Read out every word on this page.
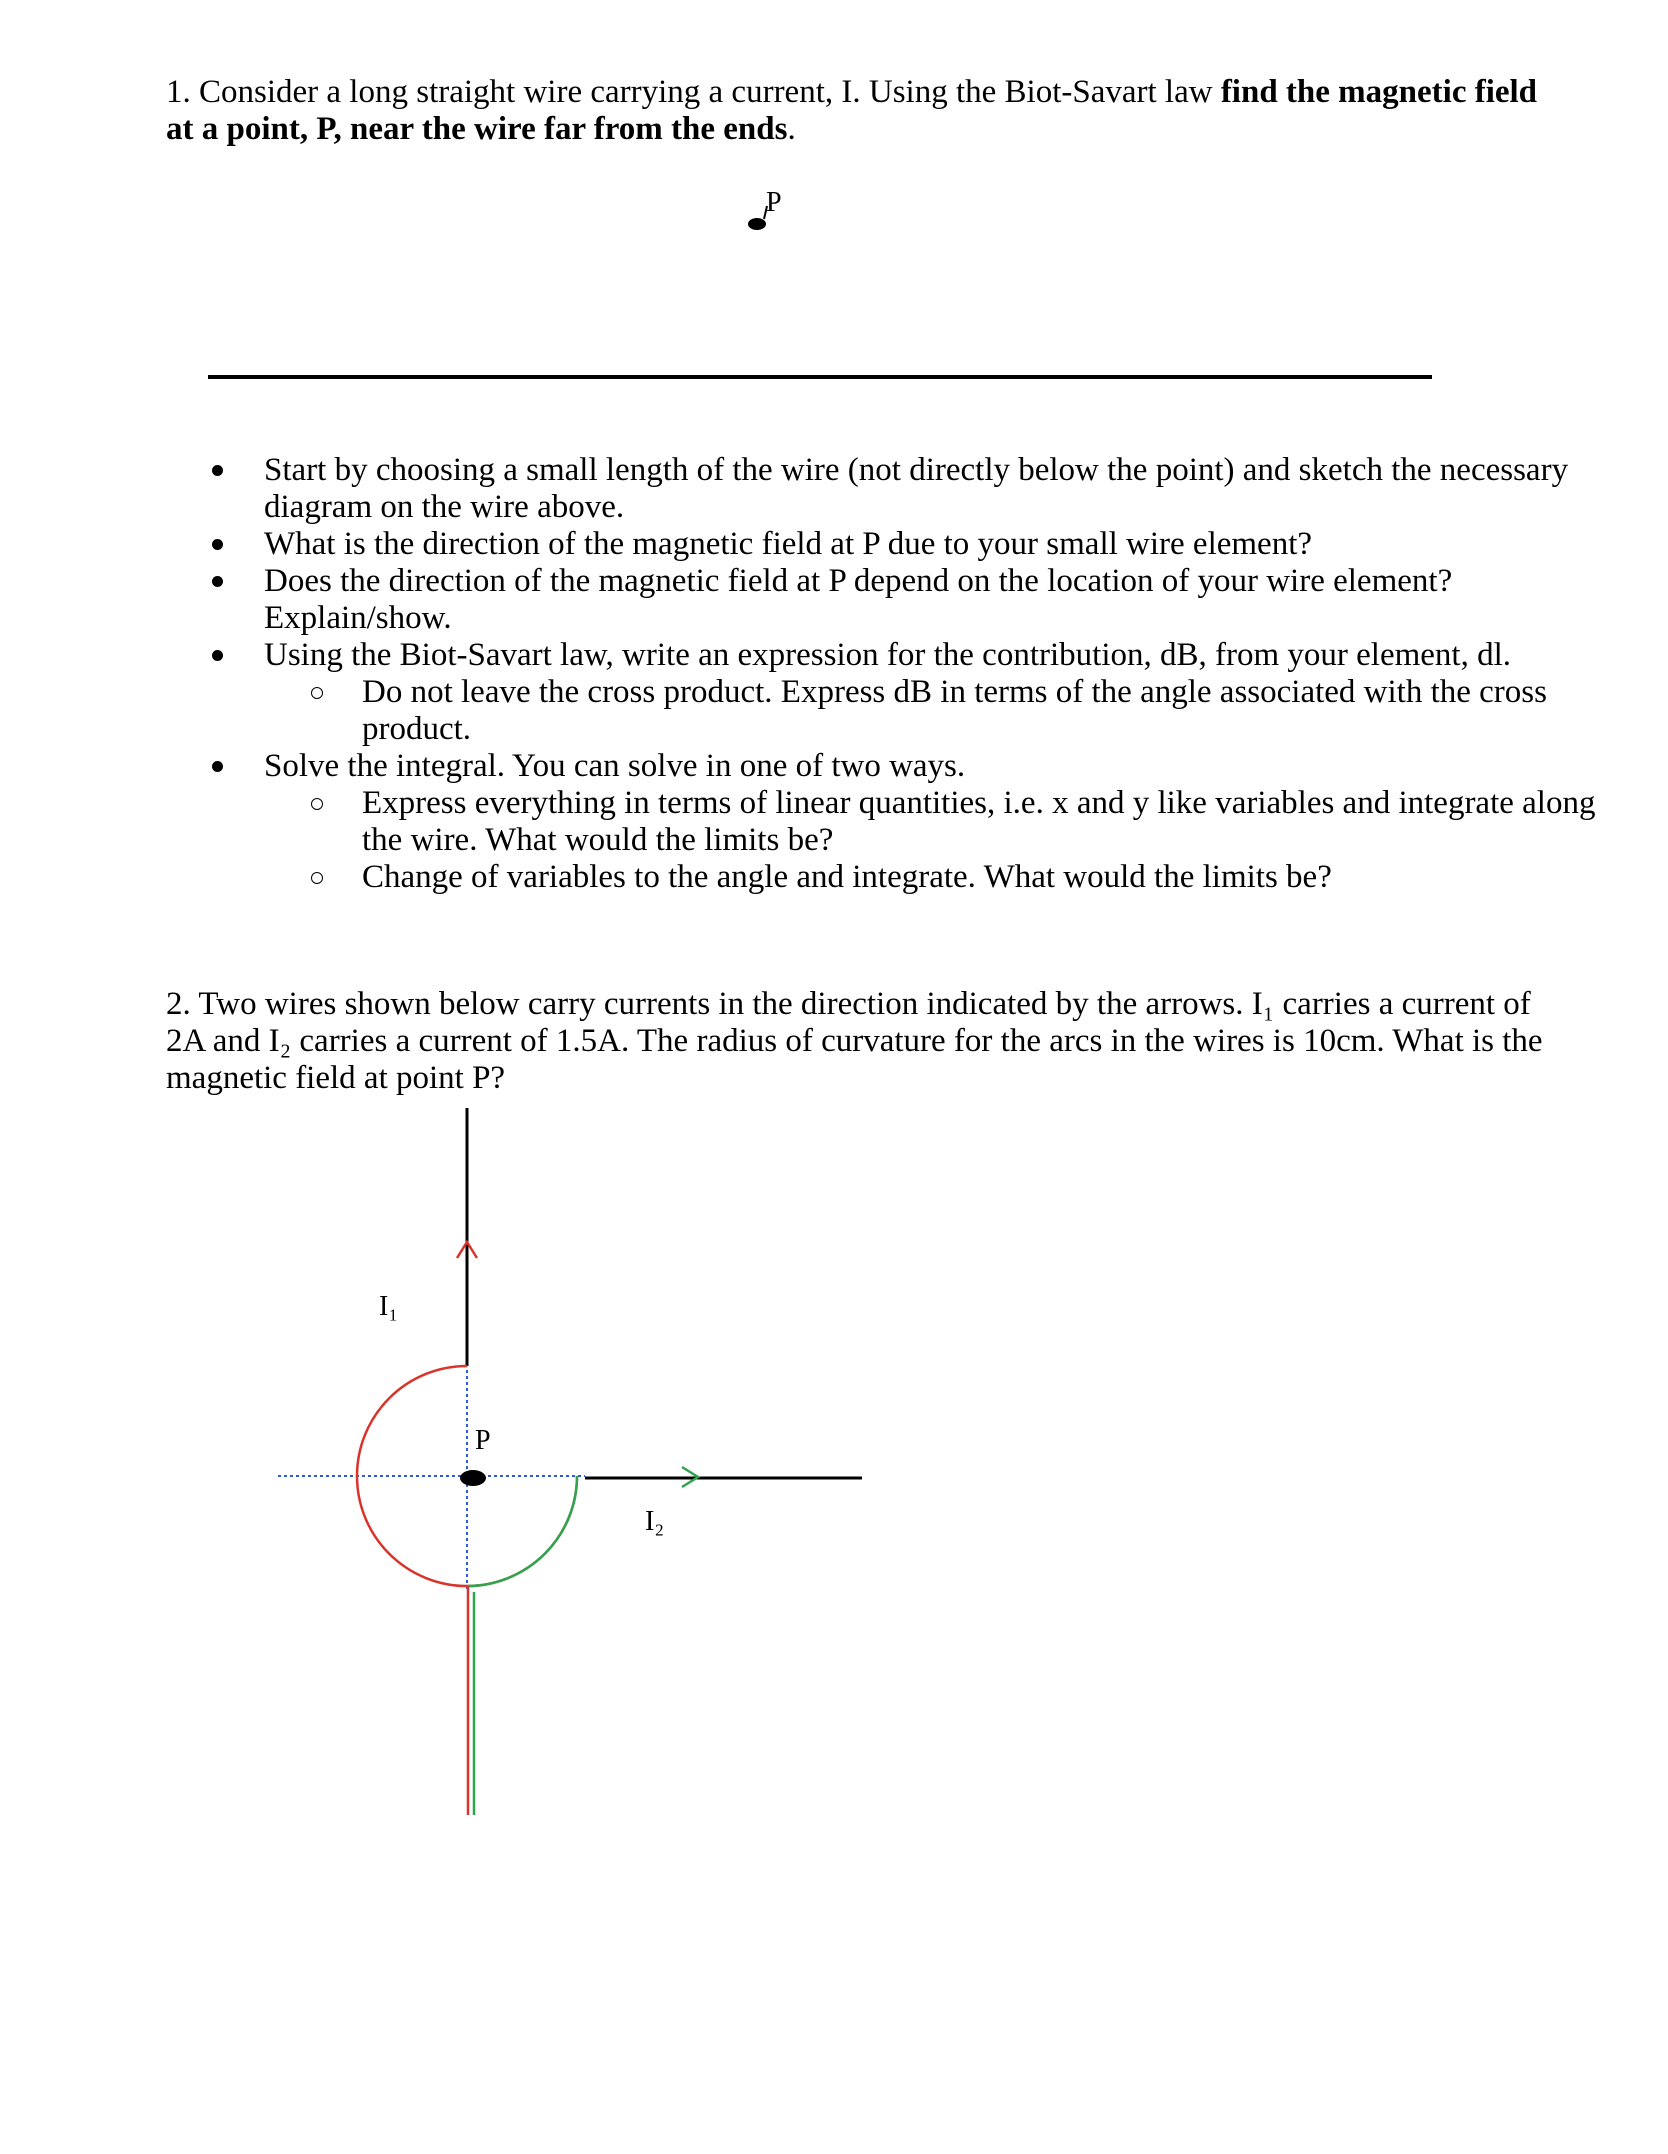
1. Consider a long straight wire carrying a current, I. Using the Biot-Savart law find the magnetic field at a point, P, near the wire far from the ends.

P
Start by choosing a small length of the wire (not directly below the point) and sketch the necessary diagram on the wire above.
What is the direction of the magnetic field at P due to your small wire element?
Does the direction of the magnetic field at P depend on the location of your wire element? Explain/show.
Using the Biot-Savart law, write an expression for the contribution, dB, from your element, dl.
Do not leave the cross product. Express dB in terms of the angle associated with the cross product.
Solve the integral. You can solve in one of two ways.
Express everything in terms of linear quantities, i.e. x and y like variables and integrate along the wire. What would the limits be?
Change of variables to the angle and integrate. What would the limits be?

2. Two wires shown below carry currents in the direction indicated by the arrows. I₁ carries a current of 2A and I₂ carries a current of 1.5A. The radius of curvature for the arcs in the wires is 10cm. What is the magnetic field at point P?

I₁
P
I₂
